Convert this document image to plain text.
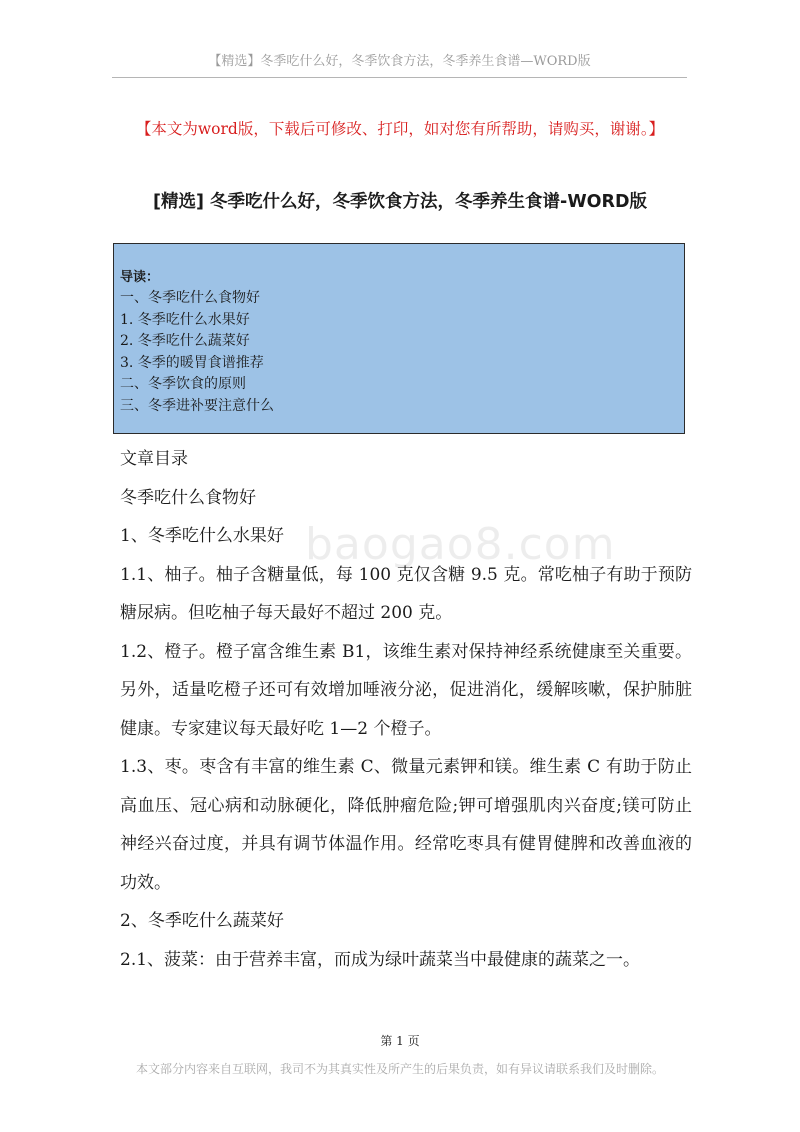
【精选】冬季吃什么好，冬季饮食方法，冬季养生食谱—WORD版
【本文为word版，下载后可修改、打印，如对您有所帮助，请购买，谢谢。】
[精选] 冬季吃什么好，冬季饮食方法，冬季养生食谱-WORD版
导读：
一、冬季吃什么食物好
1. 冬季吃什么水果好
2. 冬季吃什么蔬菜好
3. 冬季的暖胃食谱推荐
二、冬季饮食的原则
三、冬季进补要注意什么
baogao8.com

文章目录

冬季吃什么食物好

1、冬季吃什么水果好

1.1、柚子。柚子含糖量低，每 100 克仅含糖 9.5 克。常吃柚子有助于预防糖尿病。但吃柚子每天最好不超过 200 克。

1.2、橙子。橙子富含维生素 B1，该维生素对保持神经系统健康至关重要。另外，适量吃橙子还可有效增加唾液分泌，促进消化，缓解咳嗽，保护肺脏健康。专家建议每天最好吃 1—2 个橙子。

1.3、枣。枣含有丰富的维生素 C、微量元素钾和镁。维生素 C 有助于防止高血压、冠心病和动脉硬化，降低肿瘤危险;钾可增强肌肉兴奋度;镁可防止神经兴奋过度，并具有调节体温作用。经常吃枣具有健胃健脾和改善血液的功效。

2、冬季吃什么蔬菜好

2.1、菠菜：由于营养丰富，而成为绿叶蔬菜当中最健康的蔬菜之一。

第 1 页
本文部分内容来自互联网，我司不为其真实性及所产生的后果负责，如有异议请联系我们及时删除。
